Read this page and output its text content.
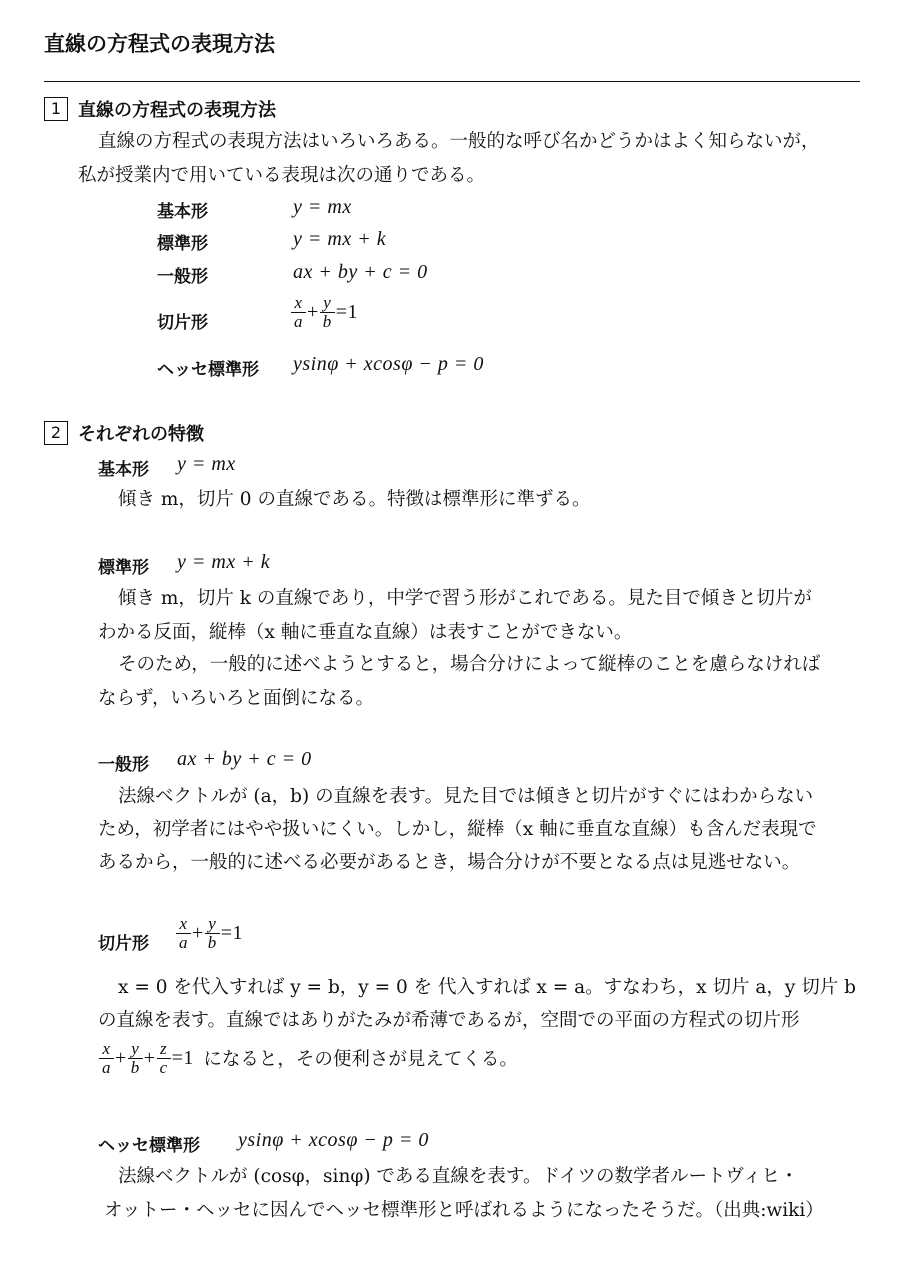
直線の方程式の表現方法
1 直線の方程式の表現方法
直線の方程式の表現方法はいろいろある。一般的な呼び名かどうかはよく知らないが，
私が授業内で用いている表現は次の通りである。
基本形	y = mx
標準形	y = mx + k
一般形	ax + by + c = 0
切片形	$\frac{x}{a} + \frac{y}{b} =1$
ヘッセ標準形 ysinφ + xcosφ − p = 0
2 それぞれの特徴
基本形 y = mx
傾き m，切片 0 の直線である。特徴は標準形に準ずる。
標準形 y = mx + k
傾き m，切片 k の直線であり，中学で習う形がこれである。見た目で傾きと切片が
わかる反面，縦棒（x 軸に垂直な直線）は表すことができない。
そのため，一般的に述べようとすると，場合分けによって縦棒のことを慮らなければ
ならず，いろいろと面倒になる。
一般形 ax + by + c = 0
法線ベクトルが (a，b) の直線を表す。見た目では傾きと切片がすぐにはわからない
ため，初学者にはやや扱いにくい。しかし，縦棒（x 軸に垂直な直線）も含んだ表現で
あるから，一般的に述べる必要があるとき，場合分けが不要となる点は見逃せない。
切片形 $\frac{x}{a} + \frac{y}{b} =1$
x = 0 を代入すれば y = b，y = 0 を 代入すれば x = a。すなわち，x 切片 a，y 切片 b
の直線を表す。直線ではありがたみが希薄であるが，空間での平面の方程式の切片形
$\frac{x}{a} + \frac{y}{b} + \frac{z}{c} =1$ になると，その便利さが見えてくる。
ヘッセ標準形 ysinφ + xcosφ − p = 0
法線ベクトルが (cosφ，sinφ) である直線を表す。ドイツの数学者ルートヴィヒ・
オットー・ヘッセに因んでヘッセ標準形と呼ばれるようになったそうだ。（出典:wiki）
